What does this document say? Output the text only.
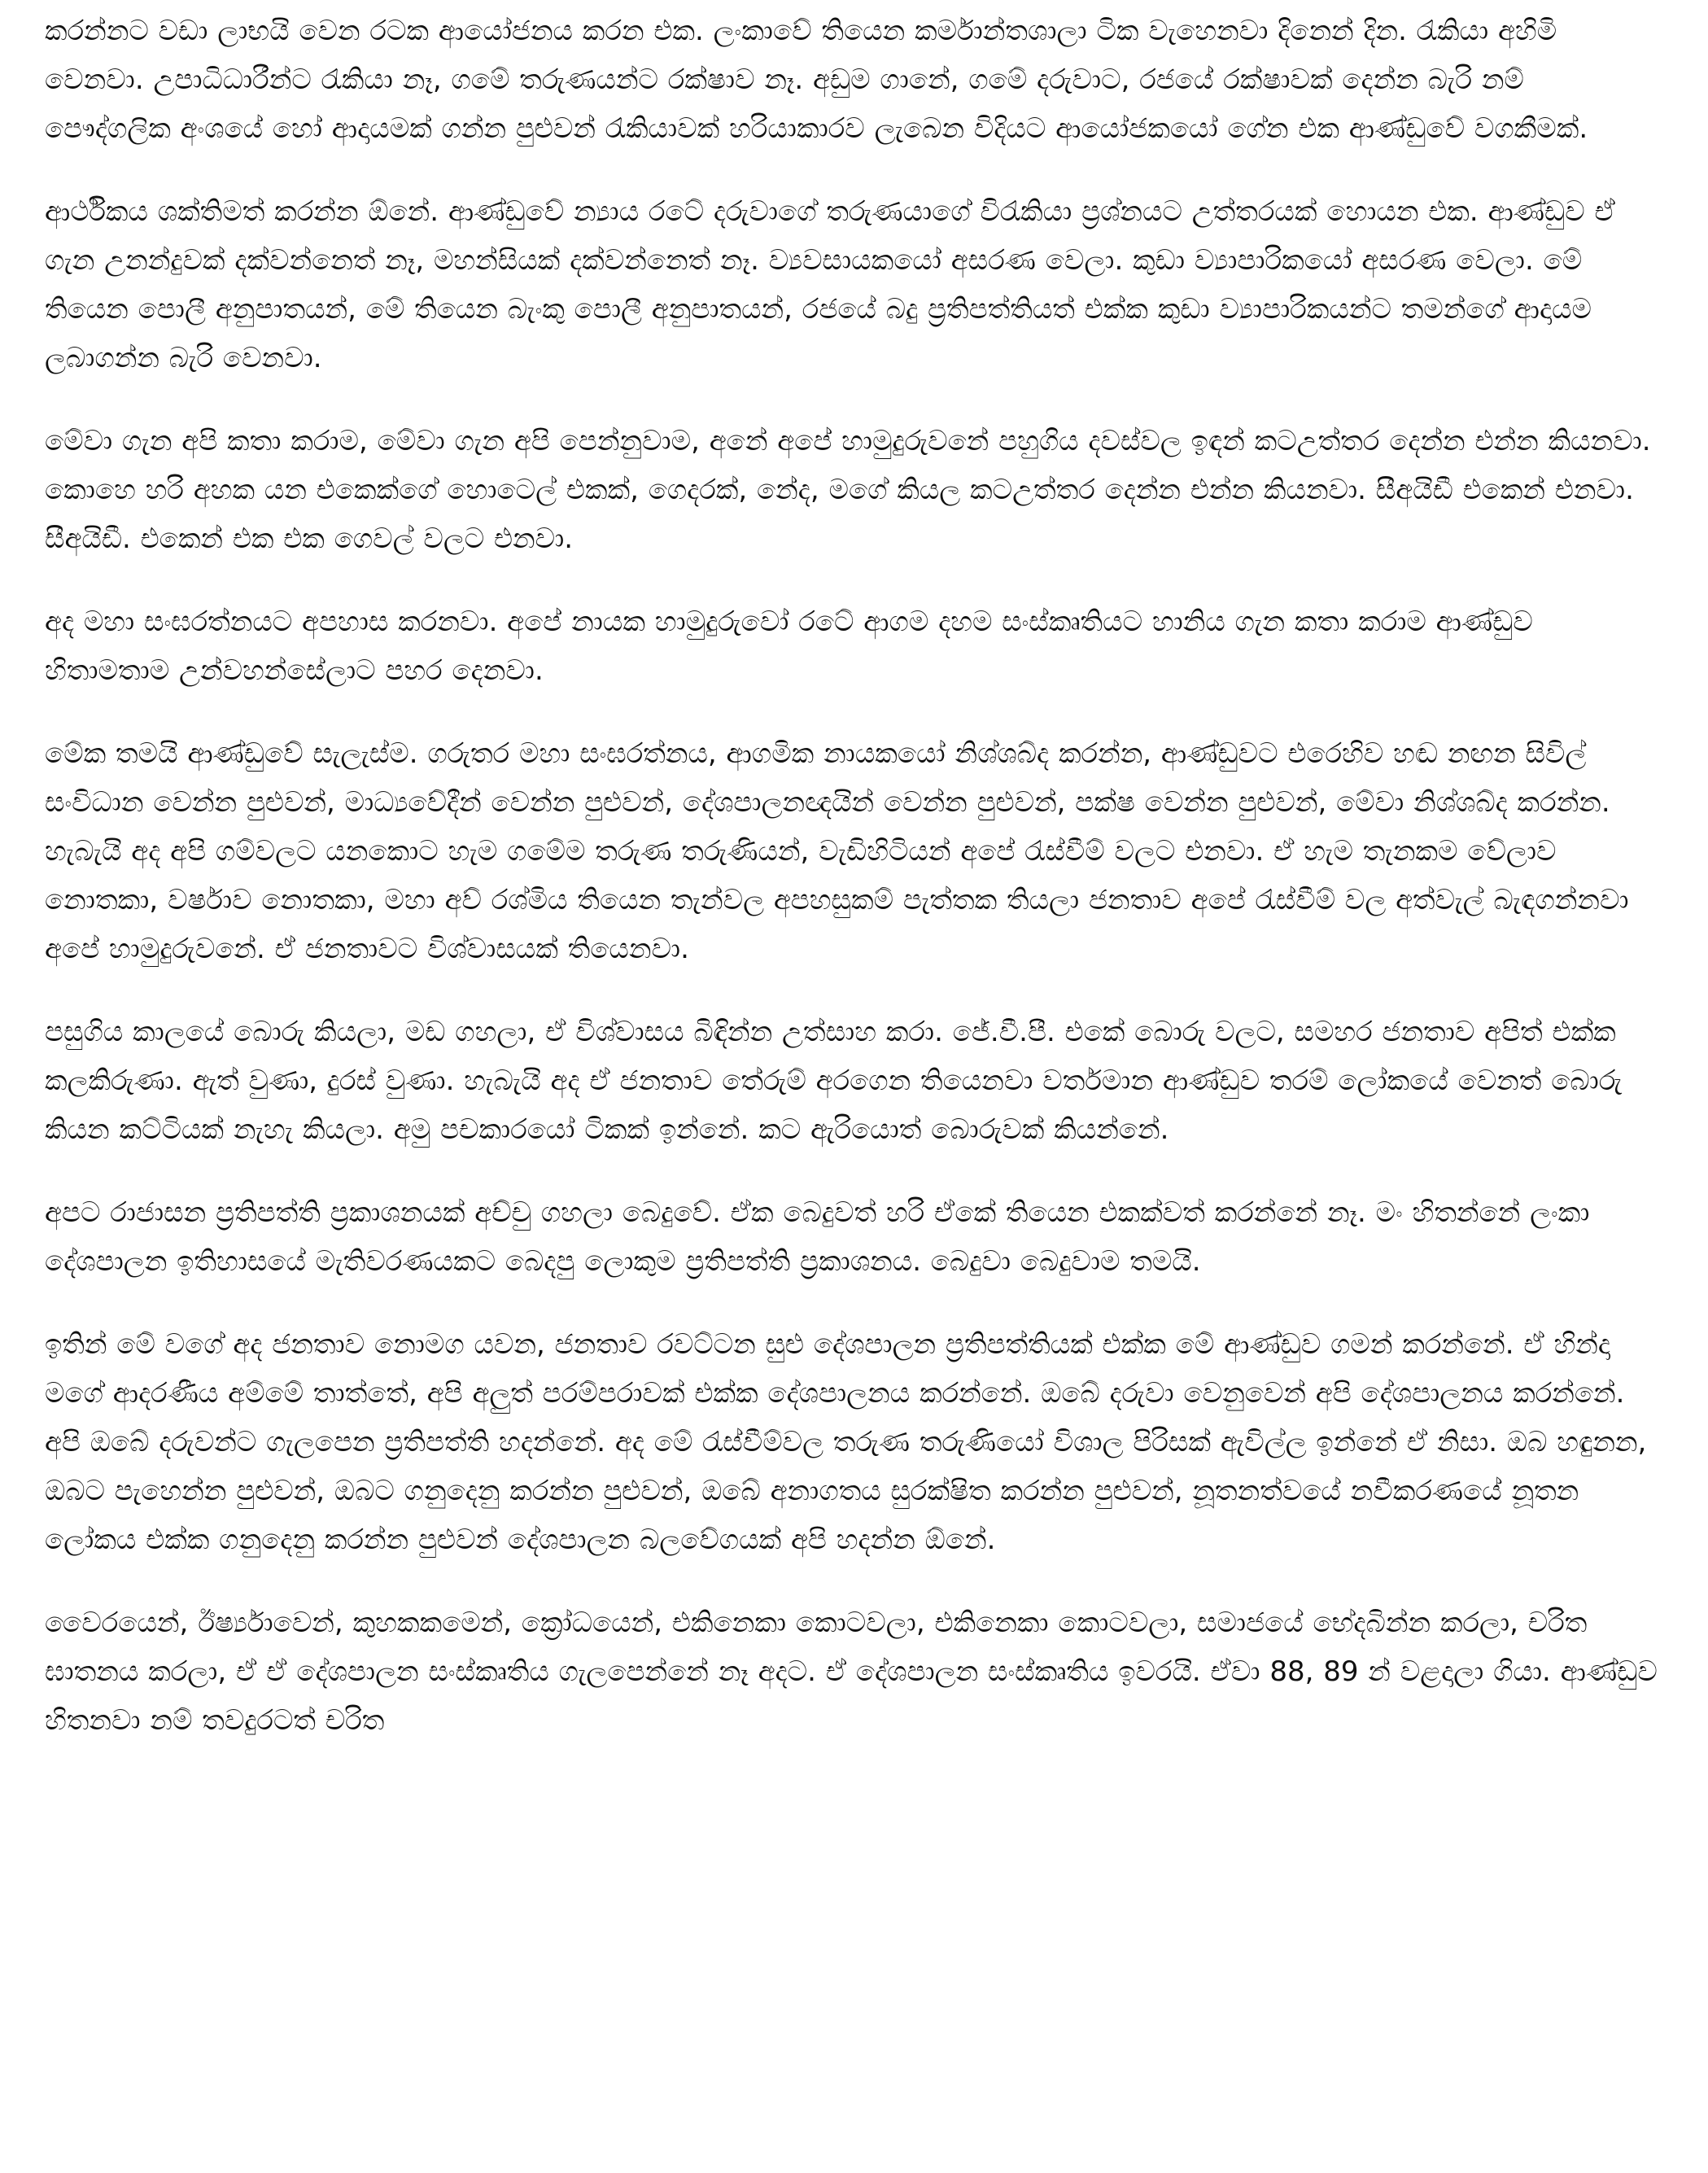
කරන්නට වඩා ලාභයි වෙන රටක ආයෝජනය කරන එක. ලංකාවේ තියෙන කර්මාන්තශාලා ටික වැහෙනවා දිනෙන් දින. රැකියා අහිමි වෙනවා. උපාධිධාරීන්ට රැකියා නෑ, ගමේ තරුණයන්ට රක්ෂාව නෑ. අඩුම ගානේ, ගමේ දරුවාට, රජයේ රක්ෂාවක් දෙන්න බැරි නම් පෞද්ගලික අංශයේ හෝ ආදායමක් ගන්න පුළුවන් රැකියාවක් හරියාකාරව ලැබෙන විදියට ආයෝජකයෝ ගේන එක ආණ්ඩුවේ වගකීමක්.

ආර්ථිකය ශක්තිමත් කරන්න ඕනේ. ආණ්ඩුවේ න්‍යාය රටේ දරුවාගේ තරුණයාගේ විරැකියා ප්‍රශ්නයට උත්තරයක් හොයන එක. ආණ්ඩුව ඒ ගැන උනන්දුවක් දක්වන්නෙත් නෑ, මහන්සියක් දක්වන්නෙත් නෑ. ව්‍යවසායකයෝ අසරණ වෙලා. කුඩා ව්‍යාපාරිකයෝ අසරණ වෙලා. මේ තියෙන පොලී අනුපාතයන්, මේ තියෙන බැංකු පොලී අනුපාතයන්, රජයේ බදු ප්‍රතිපත්තියත් එක්ක කුඩා ව්‍යාපාරිකයන්ට තමන්ගේ ආදායම ලබාගන්න බැරි වෙනවා.

මේවා ගැන අපි කතා කරාම, මේවා ගැන අපි පෙන්නුවාම, අනේ අපේ හාමුදුරුවනේ පහුගිය දවස්වල ඉඳන් කටඋත්තර දෙන්න එන්න කියනවා. කොහෙ හරි අහක යන එකෙක්ගේ හොටෙල් එකක්, ගෙදරක්, නේද, මගේ කියල කටඋත්තර දෙන්න එන්න කියනවා. සීඅයිඩී එකෙන් එනවා. සීඅයිඩී. එකෙන් එක එක ගෙවල් වලට එනවා.

අද මහා සංඝරත්නයට අපහාස කරනවා. අපේ නායක හාමුදුරුවෝ රටේ ආගම දහම සංස්කෘතියට හානිය ගැන කතා කරාම ආණ්ඩුව හිතාමතාම උන්වහන්සේලාට පහර දෙනවා.

මේක තමයි ආණ්ඩුවේ සැලැස්ම. ගරුතර මහා සංඝරත්නය, ආගමික නායකයෝ නිශ්ශබ්ද කරන්න, ආණ්ඩුවට එරෙහිව හඬ නඟන සිවිල් සංවිධාන වෙන්න පුළුවන්, මාධ්‍යවේදීන් වෙන්න පුළුවන්, දේශපාලනඥයින් වෙන්න පුළුවන්, පක්ෂ වෙන්න පුළුවන්, මේවා නිශ්ශබ්ද කරන්න. හැබැයි අද අපි ගම්වලට යනකොට හැම ගමේම තරුණ තරුණියන්, වැඩිහිටියන් අපේ රැස්වීම් වලට එනවා. ඒ හැම තැනකම වේලාව නොතකා, වර්ෂාව නොතකා, මහා අව් රශ්මිය තියෙන තැන්වල අපහසුකම් පැත්තක තියලා ජනතාව අපේ රැස්වීම් වල අත්වැල් බැඳගන්නවා අපේ හාමුදුරුවනේ. ඒ ජනතාවට විශ්වාසයක් තියෙනවා.

පසුගිය කාලයේ බොරු කියලා, මඩ ගහලා, ඒ විශ්වාසය බිඳින්න උත්සාහ කරා. ජේ.වී.පී. එකේ බොරු වලට, සමහර ජනතාව අපිත් එක්ක කලකිරුණා. ඇත් වුණා, දුරස් වුණා. හැබැයි අද ඒ ජනතාව තේරුම් අරගෙන තියෙනවා වර්තමාන ආණ්ඩුව තරම් ලෝකයේ වෙනත් බොරු කියන කට්ටියක් නැහැ කියලා. අමු පචකාරයෝ ටිකක් ඉන්නේ. කට ඇරියොත් බොරුවක් කියන්නේ.

අපට රාජාසන ප්‍රතිපත්ති ප්‍රකාශනයක් අච්චු ගහලා බෙදුවේ. ඒක බෙදුවත් හරි ඒකේ තියෙන එකක්වත් කරන්නේ නෑ. මං හිතන්නේ ලංකා දේශපාලන ඉතිහාසයේ මැතිවරණයකට බෙදපු ලොකුම ප්‍රතිපත්ති ප්‍රකාශනය. බෙදුවා බෙදුවාම තමයි.

ඉතින් මේ වගේ අද ජනතාව නොමග යවන, ජනතාව රවට්ටන සුළු දේශපාලන ප්‍රතිපත්තියක් එක්ක මේ ආණ්ඩුව ගමන් කරන්නේ. ඒ හින්දා මගේ ආදරණීය අම්මේ තාත්තේ, අපි අලුත් පරම්පරාවක් එක්ක දේශපාලනය කරන්නේ. ඔබේ දරුවා වෙනුවෙන් අපි දේශපාලනය කරන්නේ. අපි ඔබේ දරුවන්ට ගැලපෙන ප්‍රතිපත්ති හදන්නේ. අද මේ රැස්වීම්වල තරුණ තරුණියෝ විශාල පිරිසක් ඇවිල්ල ඉන්නේ ඒ නිසා. ඔබ හඳුනන, ඔබට පැහෙන්න පුළුවන්, ඔබට ගනුදෙනු කරන්න පුළුවන්, ඔබේ අනාගතය සුරක්ෂිත කරන්න පුළුවන්, නූතනත්වයේ නවීකරණයේ නූතන ලෝකය එක්ක ගනුදෙනු කරන්න පුළුවන් දේශපාලන බලවේගයක් අපි හදන්න ඕනේ.

වෛරයෙන්, ඊර්ෂ්‍යාවෙන්, කුහකකමෙන්, ක්‍රෝධයෙන්, එකිනෙකා කොටවලා, එකිනෙකා කොටවලා, සමාජයේ භේදබින්න කරලා, චරිත ඝාතනය කරලා, ඒ ඒ දේශපාලන සංස්කෘතිය ගැලපෙන්නේ නෑ අදට. ඒ දේශපාලන සංස්කෘතිය ඉවරයි. ඒවා 88, 89 න් වළදාලා ගියා. ආණ්ඩුව හිතනවා නම් තවදුරටත් චරිත
